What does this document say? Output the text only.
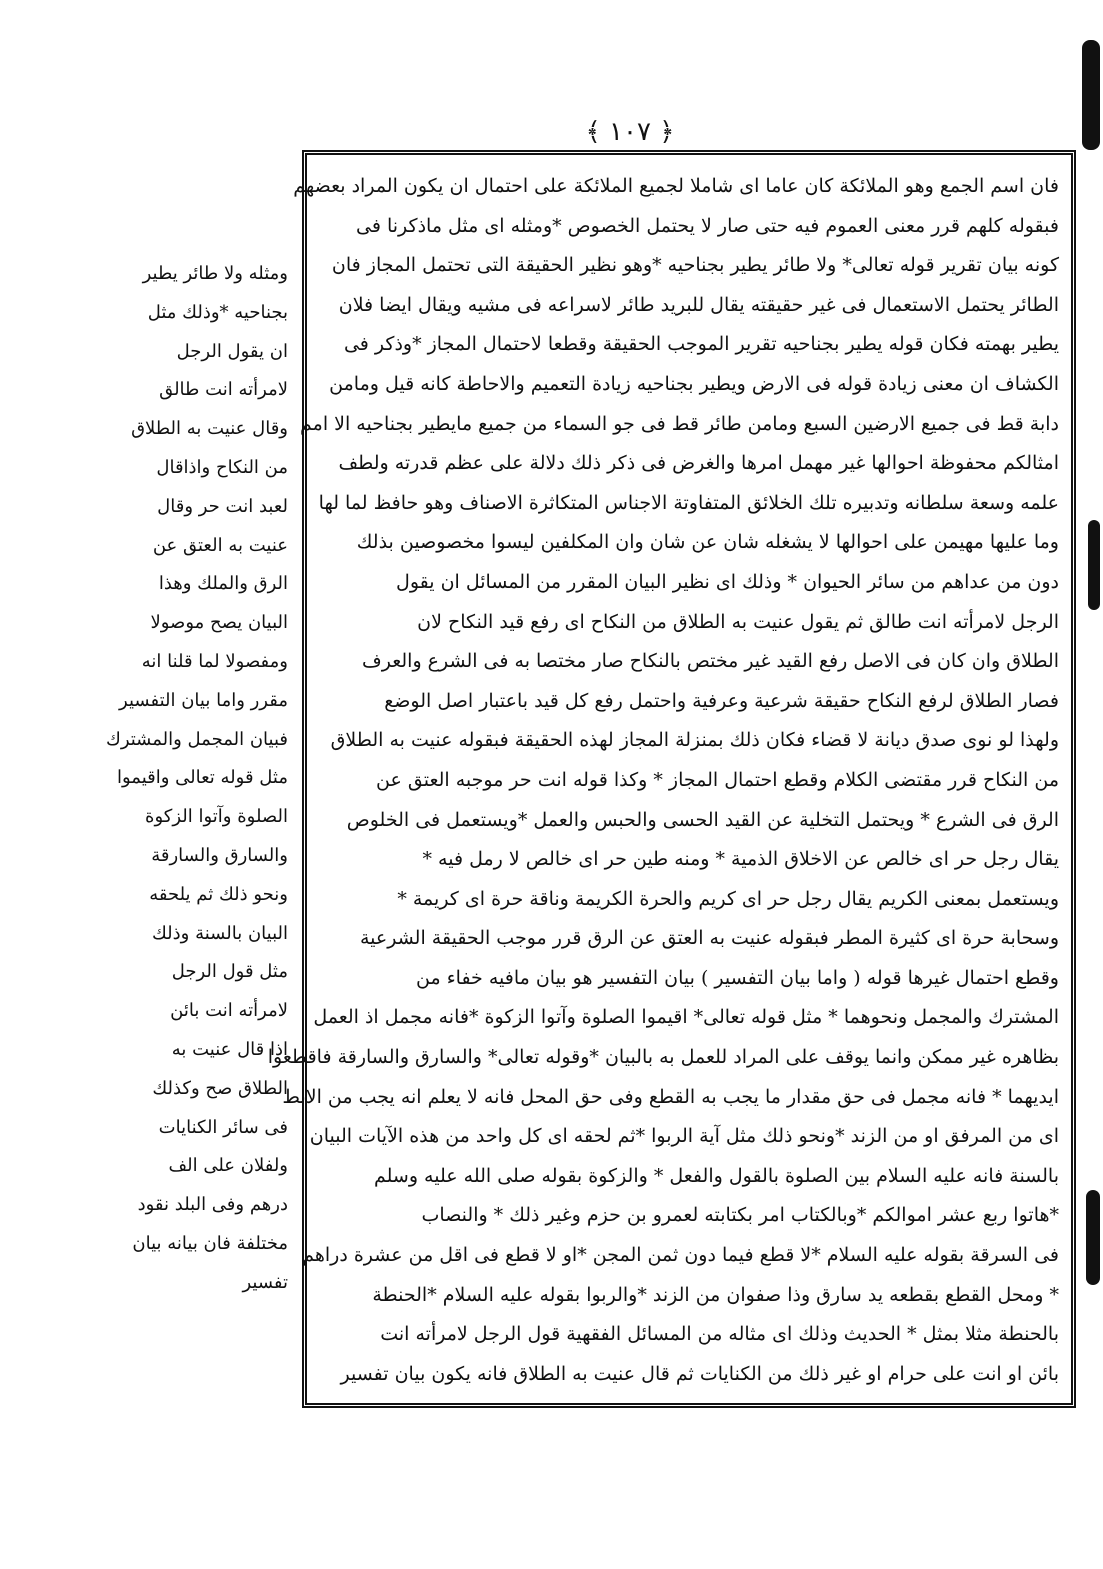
﴿ ١٠٧ ﴾
فان اسم الجمع وهو الملائكة كان عاما اى شاملا لجميع الملائكة على احتمال ان يكون المراد بعضهم
فبقوله كلهم قرر معنى العموم فيه حتى صار لا يحتمل الخصوص *ومثله اى مثل ماذكرنا فى
كونه بيان تقرير قوله تعالى* ولا طائر يطير بجناحيه *وهو نظير الحقيقة التى تحتمل المجاز فان
الطائر يحتمل الاستعمال فى غير حقيقته يقال للبريد طائر لاسراعه فى مشيه ويقال ايضا فلان
يطير بهمته فكان قوله يطير بجناحيه تقرير الموجب الحقيقة وقطعا لاحتمال المجاز *وذكر فى
الكشاف ان معنى زيادة قوله فى الارض ويطير بجناحيه زيادة التعميم والاحاطة كانه قيل ومامن
دابة قط فى جميع الارضين السبع ومامن طائر قط فى جو السماء من جميع مايطير بجناحيه الا امم
امثالكم محفوظة احوالها غير مهمل امرها والغرض فى ذكر ذلك دلالة على عظم قدرته ولطف
علمه وسعة سلطانه وتدبيره تلك الخلائق المتفاوتة الاجناس المتكاثرة الاصناف وهو حافظ لما لها
وما عليها مهيمن على احوالها لا يشغله شان عن شان وان المكلفين ليسوا مخصوصين بذلك
دون من عداهم من سائر الحيوان * وذلك اى نظير البيان المقرر من المسائل ان يقول
الرجل لامرأته انت طالق ثم يقول عنيت به الطلاق من النكاح اى رفع قيد النكاح لان
الطلاق وان كان فى الاصل رفع القيد غير مختص بالنكاح صار مختصا به فى الشرع والعرف
فصار الطلاق لرفع النكاح حقيقة شرعية وعرفية واحتمل رفع كل قيد باعتبار اصل الوضع
ولهذا لو نوى صدق ديانة لا قضاء فكان ذلك بمنزلة المجاز لهذه الحقيقة فبقوله عنيت به الطلاق
من النكاح قرر مقتضى الكلام وقطع احتمال المجاز * وكذا قوله انت حر موجبه العتق عن
الرق فى الشرع * ويحتمل التخلية عن القيد الحسى والحبس والعمل *ويستعمل فى الخلوص
يقال رجل حر اى خالص عن الاخلاق الذمية * ومنه طين حر اى خالص لا رمل فيه *
ويستعمل بمعنى الكريم يقال رجل حر اى كريم والحرة الكريمة وناقة حرة اى كريمة *
وسحابة حرة اى كثيرة المطر فبقوله عنيت به العتق عن الرق قرر موجب الحقيقة الشرعية
وقطع احتمال غيرها قوله ( واما بيان التفسير ) بيان التفسير هو بيان مافيه خفاء من
المشترك والمجمل ونحوهما * مثل قوله تعالى* اقيموا الصلوة وآتوا الزكوة *فانه مجمل اذ العمل
بظاهره غير ممكن وانما يوقف على المراد للعمل به بالبيان *وقوله تعالى* والسارق والسارقة فاقطعوا
ايديهما * فانه مجمل فى حق مقدار ما يجب به القطع وفى حق المحل فانه لا يعلم انه يجب من الابط
اى من المرفق او من الزند *ونحو ذلك مثل آية الربوا *ثم لحقه اى كل واحد من هذه الآيات البيان
بالسنة فانه عليه السلام بين الصلوة بالقول والفعل * والزكوة بقوله صلى الله عليه وسلم
*هاتوا ربع عشر اموالكم *وبالكتاب امر بكتابته لعمرو بن حزم وغير ذلك * والنصاب
فى السرقة بقوله عليه السلام *لا قطع فيما دون ثمن المجن *او لا قطع فى اقل من عشرة دراهم
* ومحل القطع بقطعه يد سارق وذا صفوان من الزند *والربوا بقوله عليه السلام *الحنطة
بالحنطة مثلا بمثل * الحديث وذلك اى مثاله من المسائل الفقهية قول الرجل لامرأته انت
بائن او انت على حرام او غير ذلك من الكنايات ثم قال عنيت به الطلاق فانه يكون بيان تفسير
ومثله ولا طائر يطير
بجناحيه *وذلك مثل
ان يقول الرجل
لامرأته انت طالق
وقال عنيت به الطلاق
من النكاح واذاقال
لعبد انت حر وقال
عنيت به العتق عن
الرق والملك وهذا
البيان يصح موصولا
ومفصولا لما قلنا انه
مقرر واما بيان التفسير
فبيان المجمل والمشترك
مثل قوله تعالى واقيموا
الصلوة وآتوا الزكوة
والسارق والسارقة
ونحو ذلك ثم يلحقه
البيان بالسنة وذلك
مثل قول الرجل
لامرأته انت بائن
اذا قال عنيت به
الطلاق صح وكذلك
فى سائر الكنايات
ولفلان على الف
درهم وفى البلد نقود
مختلفة فان بيانه بيان
تفسير
